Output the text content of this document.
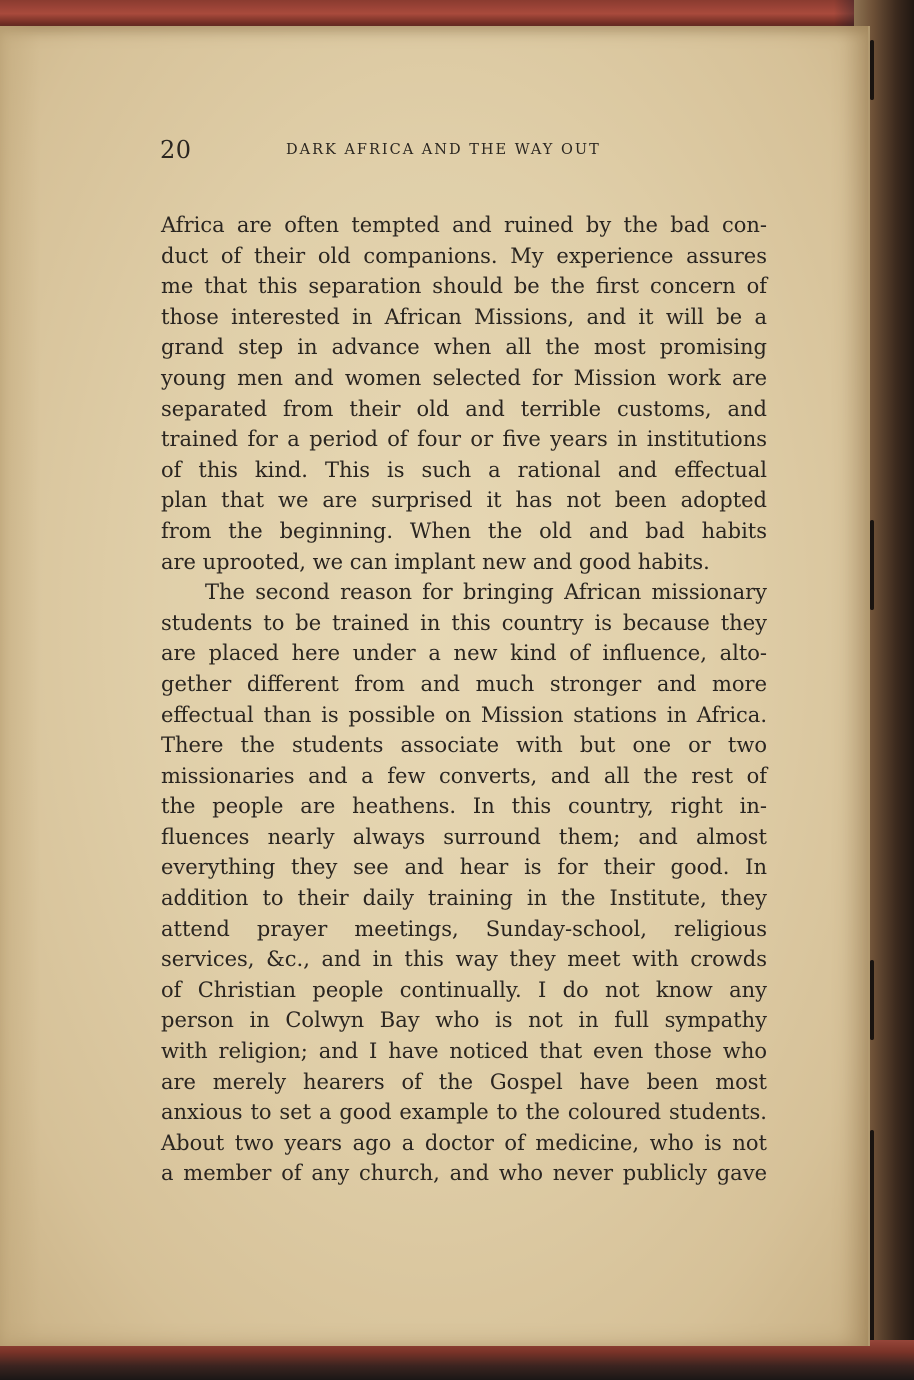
20	DARK AFRICA AND THE WAY OUT
Africa are often tempted and ruined by the bad con-
duct of their old companions. My experience assures
me that this separation should be the first concern of
those interested in African Missions, and it will be a
grand step in advance when all the most promising
young men and women selected for Mission work are
separated from their old and terrible customs, and
trained for a period of four or five years in institutions
of this kind. This is such a rational and effectual
plan that we are surprised it has not been adopted
from the beginning. When the old and bad habits
are uprooted, we can implant new and good habits.
The second reason for bringing African missionary
students to be trained in this country is because they
are placed here under a new kind of influence, alto-
gether different from and much stronger and more
effectual than is possible on Mission stations in Africa.
There the students associate with but one or two
missionaries and a few converts, and all the rest of
the people are heathens. In this country, right in-
fluences nearly always surround them; and almost
everything they see and hear is for their good. In
addition to their daily training in the Institute, they
attend prayer meetings, Sunday-school, religious
services, &c., and in this way they meet with crowds
of Christian people continually. I do not know any
person in Colwyn Bay who is not in full sympathy
with religion; and I have noticed that even those who
are merely hearers of the Gospel have been most
anxious to set a good example to the coloured students.
About two years ago a doctor of medicine, who is not
a member of any church, and who never publicly gave
